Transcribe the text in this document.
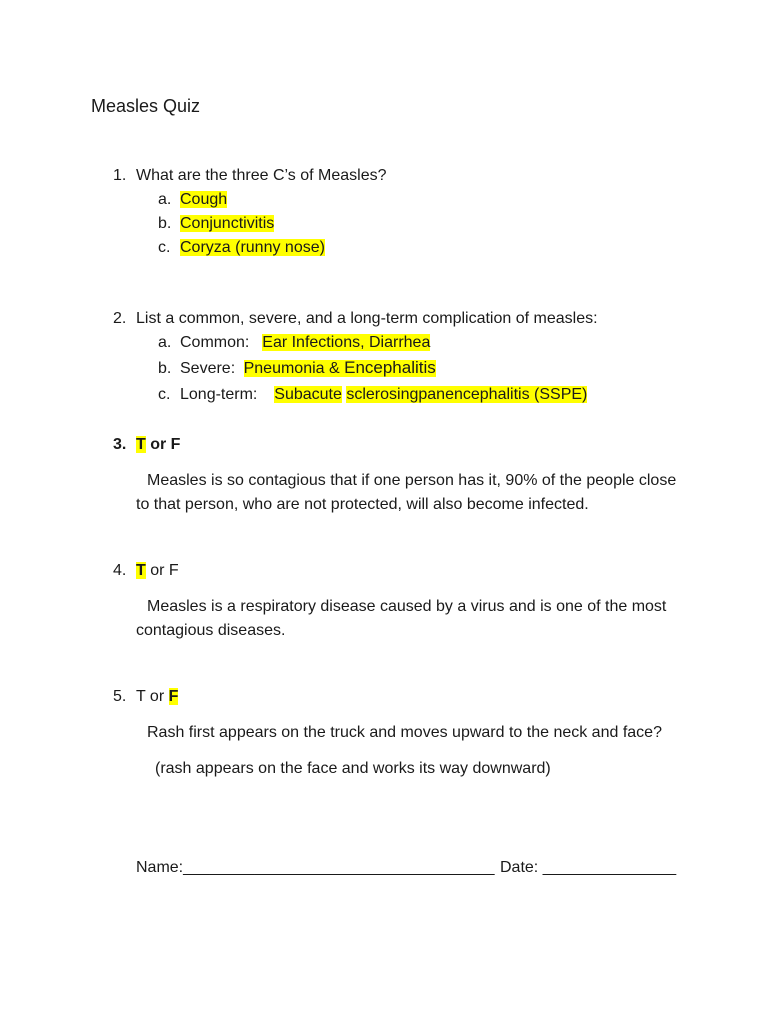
Measles Quiz
1. What are the three C’s of Measles?
a. Cough
b. Conjunctivitis
c. Coryza (runny nose)
2. List a common, severe, and a long-term complication of measles:
a. Common: Ear Infections, Diarrhea
b. Severe: Pneumonia & Encephalitis
c. Long-term: Subacute sclerosingpanencephalitis (SSPE)
3. T or F
Measles is so contagious that if one person has it, 90% of the people close
to that person, who are not protected, will also become infected.
4. T or F
Measles is a respiratory disease caused by a virus and is one of the most
contagious diseases.
5. T or F
Rash first appears on the truck and moves upward to the neck and face?
(rash appears on the face and works its way downward)
Name:___________________________________ Date: _______________
